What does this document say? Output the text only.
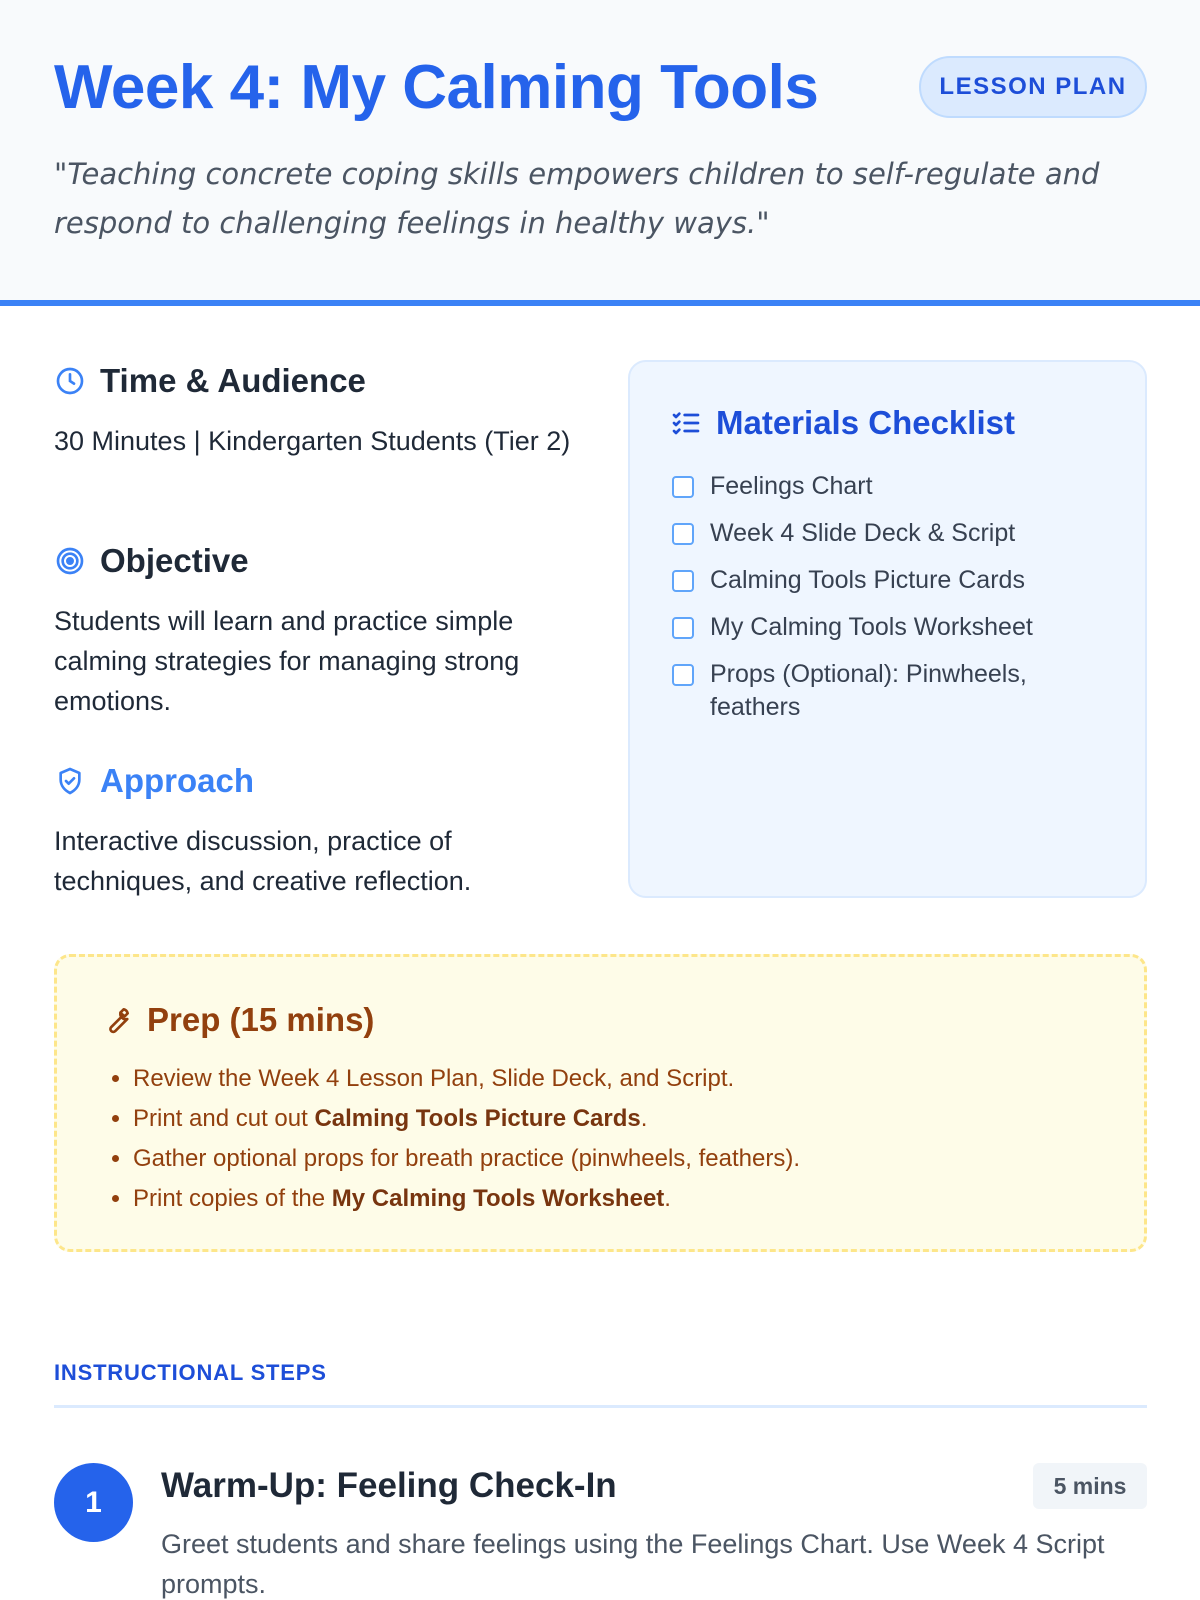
Week 4: My Calming Tools	LESSON PLAN

"Teaching concrete coping skills empowers children to self-regulate and respond to challenging feelings in healthy ways."

Time & Audience

30 Minutes | Kindergarten Students (Tier 2)

Objective

Students will learn and practice simple calming strategies for managing strong emotions.

Approach

Interactive discussion, practice of techniques, and creative reflection.

Materials Checklist
Feelings Chart
Week 4 Slide Deck & Script
Calming Tools Picture Cards
My Calming Tools Worksheet
Props (Optional): Pinwheels, feathers
Prep (15 mins)
• Review the Week 4 Lesson Plan, Slide Deck, and Script.
• Print and cut out Calming Tools Picture Cards.
• Gather optional props for breath practice (pinwheels, feathers).
• Print copies of the My Calming Tools Worksheet.
INSTRUCTIONAL STEPS
1	Warm-Up: Feeling Check-In	5 mins

Greet students and share feelings using the Feelings Chart. Use Week 4 Script prompts.
